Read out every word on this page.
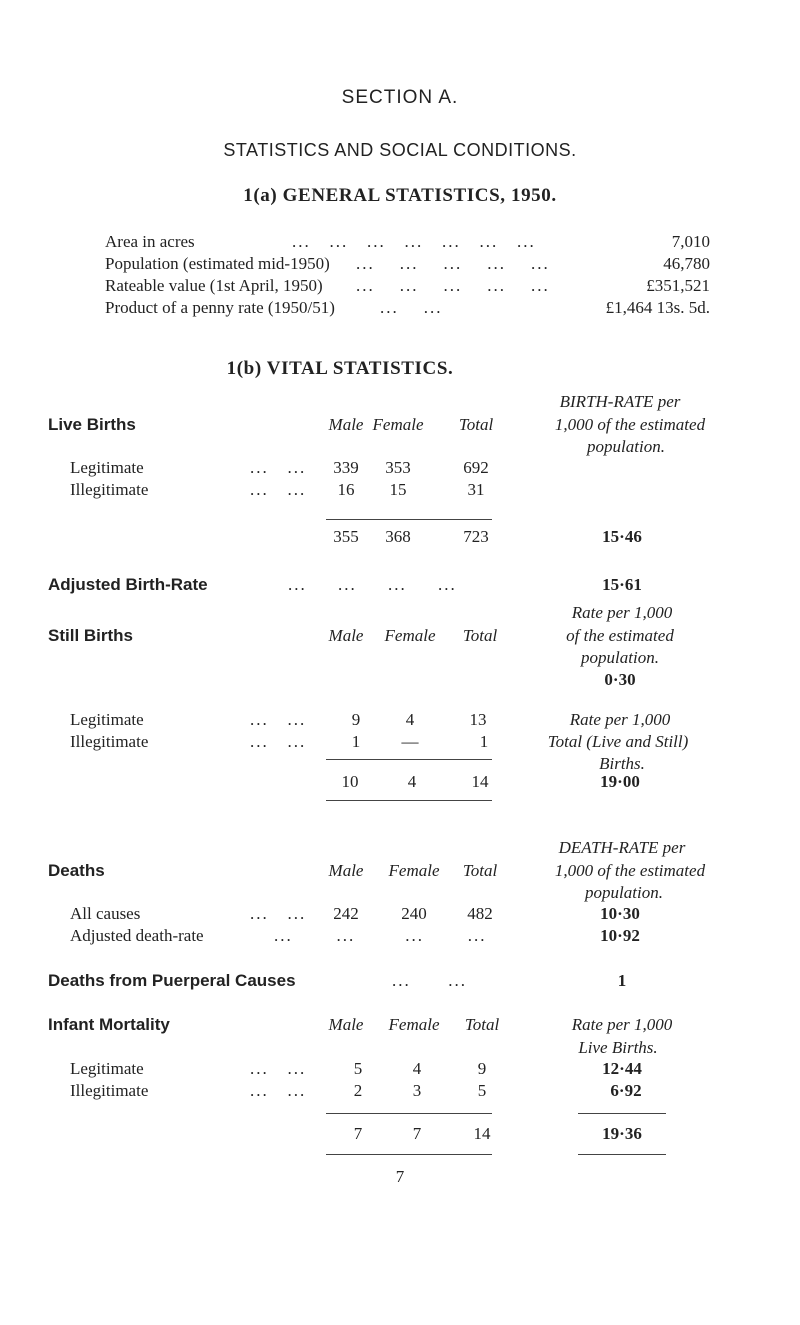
SECTION A.
STATISTICS AND SOCIAL CONDITIONS.
1(a) GENERAL STATISTICS, 1950.
Area in acres	...   ...   ...   ...   ...   ...   ...	7,010
Population (estimated mid-1950) ...    ...    ...    ...    ...	46,780
Rateable value (1st April, 1950) ...    ...    ...    ...    ...	£351,521
Product of a penny rate (1950/51)	...    ...	£1,464 13s. 5d.
1(b) VITAL STATISTICS.
BIRTH-RATE per
Live Births	Male Female Total	1,000 of the estimated
population.
Legitimate	...   ... 339 353	692
Illegitimate	...   ... 16 15	31
355 368	723	15·46
Adjusted Birth-Rate	...     ...     ...     ...	15·61
Rate per 1,000
Still Births	Male Female Total	of the estimated
population.
0·30
Legitimate	...   ...	9	4	13	Rate per 1,000
Illegitimate	...   ...	1 —	1	Total (Live and Still)
Births.
10	4	14	19·00
DEATH-RATE per
Deaths	Male Female Total	1,000 of the estimated
population.
All causes	...   ... 242	240 482	10·30
Adjusted death-rate	...       ...        ...       ...	10·92
Deaths from Puerperal Causes	...      ...	1
Infant Mortality	Male Female Total	Rate per 1,000
Live Births.
Legitimate	...   ...	5	4	9	12·44
Illegitimate	...   ...	2	3	5	6·92
7	7	14	19·36
7
